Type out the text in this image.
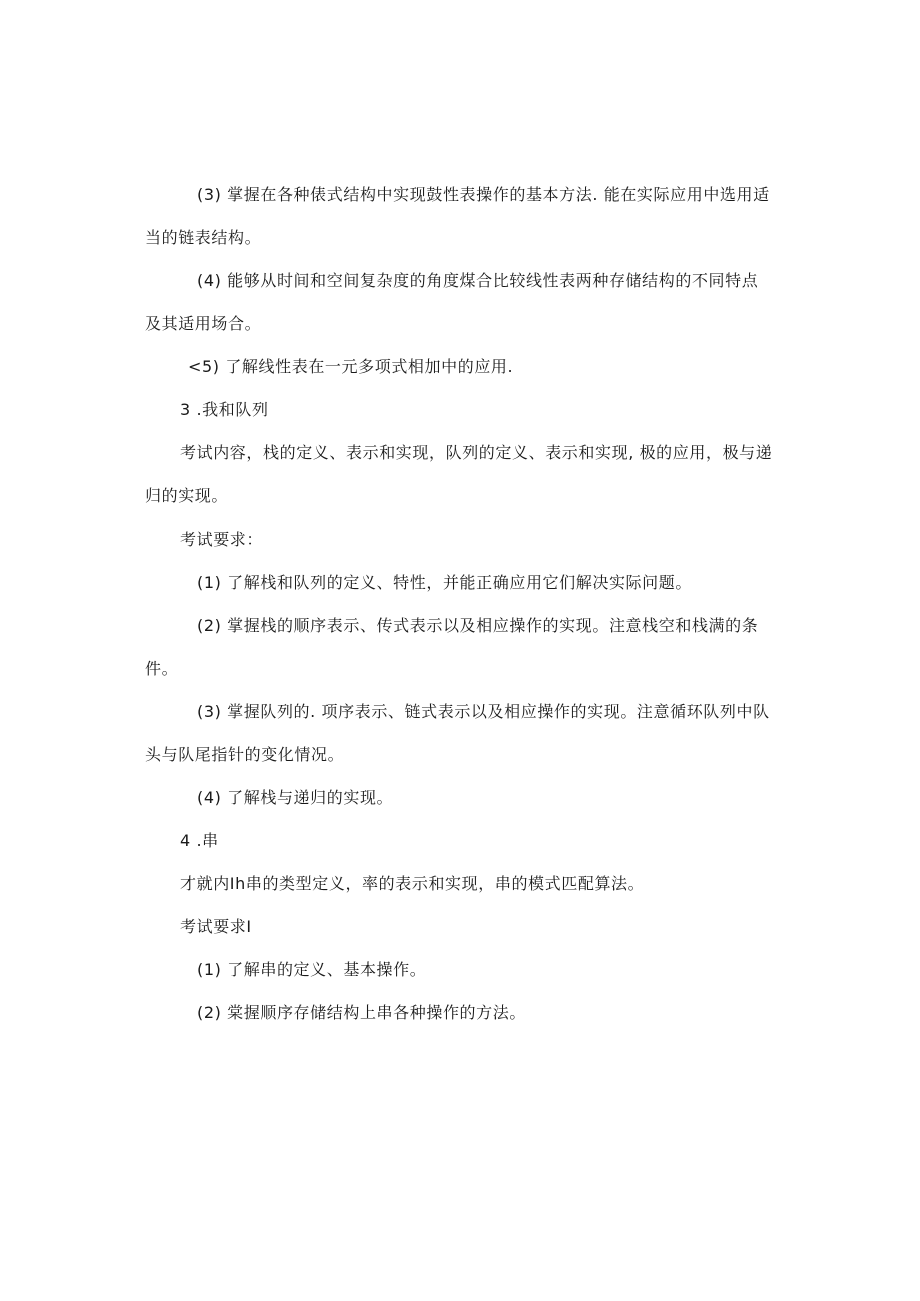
(3) 掌握在各种俵式结构中实现鼓性表操作的基本方法. 能在实际应用中选用适
当的链表结构。
(4) 能够从时间和空间复杂度的角度煤合比较线性表两种存储结构的不同特点
及其适用场合。
<5) 了解线性表在一元多项式相加中的应用.
3 .我和队列
考试内容，栈的定义、表示和实现，队列的定义、表示和实现, 极的应用，极与递
归的实现。
考试要求：
(1) 了解栈和队列的定义、特性，并能正确应用它们解决实际问题。
(2) 掌握栈的顺序表示、传式表示以及相应操作的实现。注意栈空和栈满的条
件。
(3) 掌握队列的. 项序表示、链式表示以及相应操作的实现。注意循环队列中队
头与队尾指针的变化情况。
(4) 了解栈与递归的实现。
4 .串
才就内Ih串的类型定义，率的表示和实现，串的模式匹配算法。
考试要求I
(1) 了解串的定义、基本操作。
(2) 棠握顺序存储结构上串各种操作的方法。
